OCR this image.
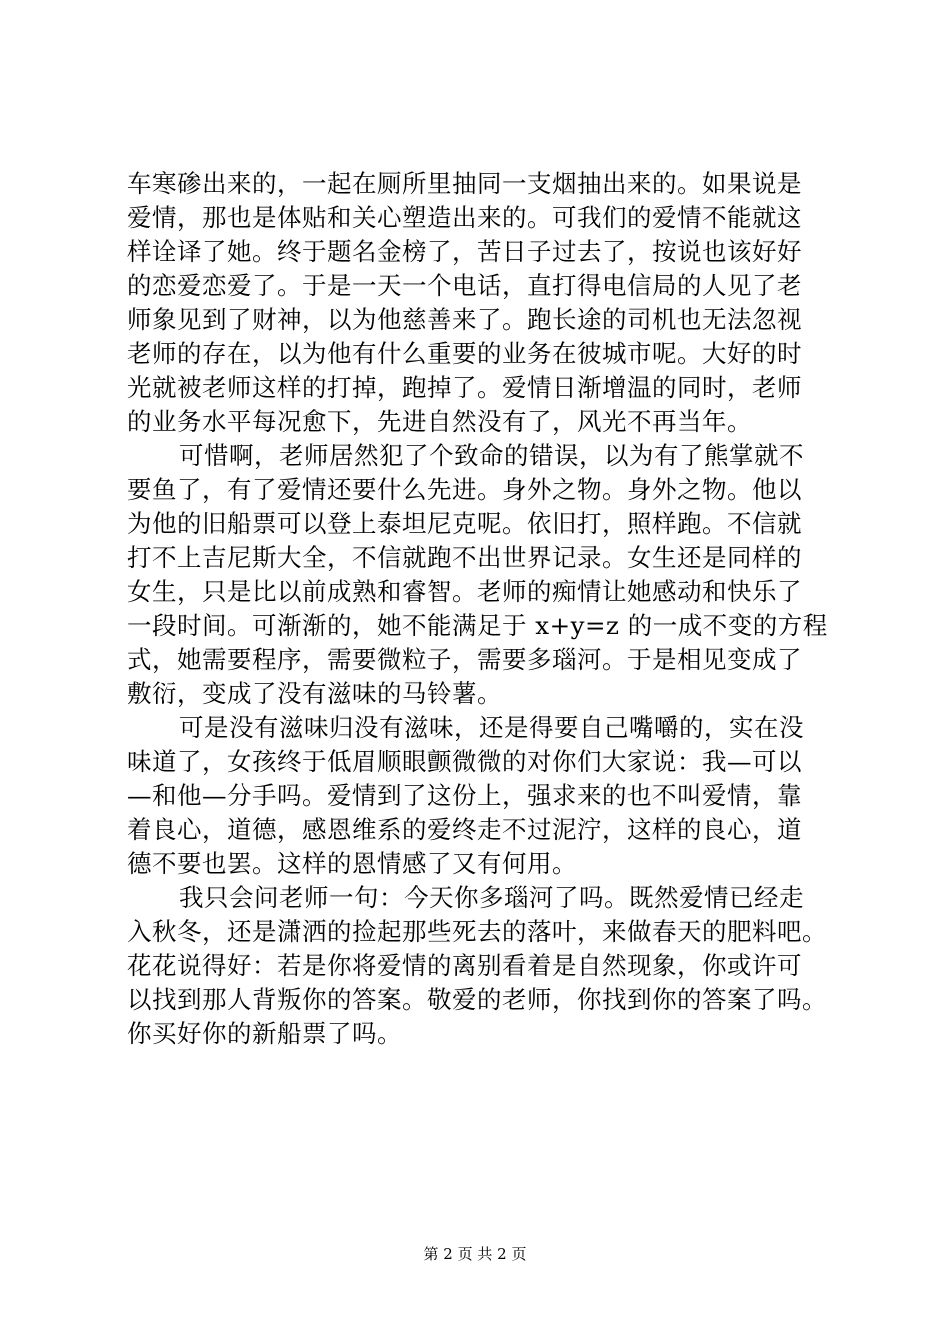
车寒碜出来的，一起在厕所里抽同一支烟抽出来的。如果说是
爱情，那也是体贴和关心塑造出来的。可我们的爱情不能就这
样诠译了她。终于题名金榜了，苦日子过去了，按说也该好好
的恋爱恋爱了。于是一天一个电话，直打得电信局的人见了老
师象见到了财神，以为他慈善来了。跑长途的司机也无法忽视
老师的存在，以为他有什么重要的业务在彼城市呢。大好的时
光就被老师这样的打掉，跑掉了。爱情日渐增温的同时，老师
的业务水平每况愈下，先进自然没有了，风光不再当年。
可惜啊，老师居然犯了个致命的错误，以为有了熊掌就不
要鱼了，有了爱情还要什么先进。身外之物。身外之物。他以
为他的旧船票可以登上泰坦尼克呢。依旧打，照样跑。不信就
打不上吉尼斯大全，不信就跑不出世界记录。女生还是同样的
女生，只是比以前成熟和睿智。老师的痴情让她感动和快乐了
一段时间。可渐渐的，她不能满足于 x+y=z 的一成不变的方程
式，她需要程序，需要微粒子，需要多瑙河。于是相见变成了
敷衍，变成了没有滋味的马铃薯。
可是没有滋味归没有滋味，还是得要自己嘴嚼的，实在没
味道了，女孩终于低眉顺眼颤微微的对你们大家说：我—可以
—和他—分手吗。爱情到了这份上，强求来的也不叫爱情，靠
着良心，道德，感恩维系的爱终走不过泥泞，这样的良心，道
德不要也罢。这样的恩情感了又有何用。
我只会问老师一句：今天你多瑙河了吗。既然爱情已经走
入秋冬，还是潇洒的捡起那些死去的落叶，来做春天的肥料吧。
花花说得好：若是你将爱情的离别看着是自然现象，你或许可
以找到那人背叛你的答案。敬爱的老师，你找到你的答案了吗。
你买好你的新船票了吗。
第 2 页 共 2 页
